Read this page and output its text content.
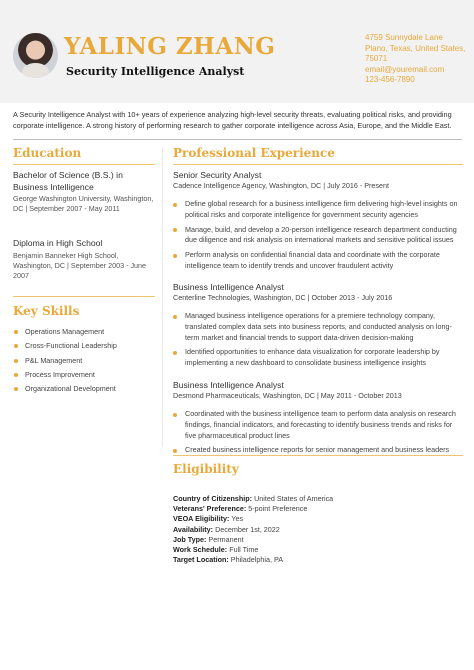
YALING ZHANG
Security Intelligence Analyst
4759 Sunnydale Lane
Plano, Texas, United States,
75071
email@youremail.com
123-456-7890
A Security Intelligence Analyst with 10+ years of experience analyzing high-level security threats, evaluating political risks, and providing corporate intelligence. A strong history of performing research to gather corporate intelligence across Asia, Europe, and the Middle East.
Education
Bachelor of Science (B.S.) in Business Intelligence
George Washington University, Washington, DC | September 2007 - May 2011
Diploma in High School
Benjamin Banneker High School, Washington, DC | September 2003 - June 2007
Key Skills
Operations Management
Cross-Functional Leadership
P&L Management
Process Improvement
Organizational Development
Professional Experience
Senior Security Analyst
Cadence Intelligence Agency, Washington, DC | July 2016 - Present
Define global research for a business intelligence firm delivering high-level insights on political risks and corporate intelligence for government security agencies
Manage, build, and develop a 20-person intelligence research department conducting due diligence and risk analysis on international markets and sensitive political issues
Perform analysis on confidential financial data and coordinate with the corporate intelligence team to identify trends and uncover fraudulent activity
Business Intelligence Analyst
Centerline Technologies, Washington, DC | October 2013 - July 2016
Managed business intelligence operations for a premiere technology company, translated complex data sets into business reports, and conducted analysis on long-term market and financial trends to support data-driven decision-making
Identified opportunities to enhance data visualization for corporate leadership by implementing a new dashboard to consolidate business intelligence insights
Business Intelligence Analyst
Desmond Pharmaceuticals, Washington, DC | May 2011 - October 2013
Coordinated with the business intelligence team to perform data analysis on research findings, financial indicators, and forecasting to identify business trends and risks for five pharmaceutical product lines
Created business intelligence reports for senior management and business leaders
Eligibility
Country of Citizenship: United States of America
Veterans' Preference: 5-point Preference
VEOA Eligibility: Yes
Availability: December 1st, 2022
Job Type: Permanent
Work Schedule: Full Time
Target Location: Philadelphia, PA
